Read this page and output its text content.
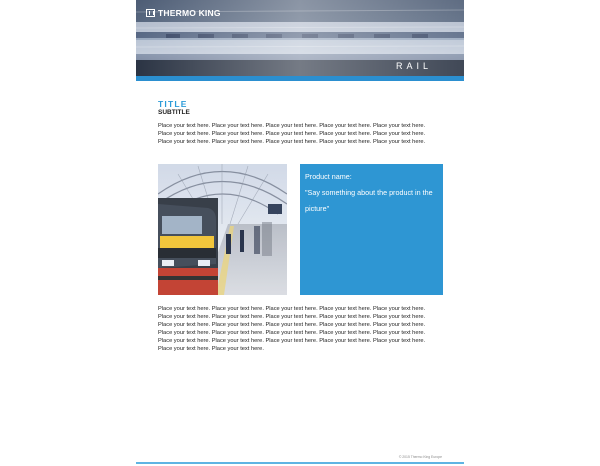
THERMO KING
RAIL
TITLE
SUBTITLE
Place your text here. Place your text here. Place your text here. Place your text here. Place your text here. Place your text here. Place your text here. Place your text here. Place your text here. Place your text here. Place your text here. Place your text here. Place your text here. Place your text here. Place your text here.
Product name:
"Say something about the product in the picture"
Place your text here. Place your text here. Place your text here. Place your text here. Place your text here. Place your text here. Place your text here. Place your text here. Place your text here. Place your text here. Place your text here. Place your text here. Place your text here. Place your text here. Place your text here. Place your text here. Place your text here. Place your text here. Place your text here. Place your text here. Place your text here. Place your text here. Place your text here. Place your text here. Place your text here. Place your text here. Place your text here.
© 2015 Thermo King Europe
